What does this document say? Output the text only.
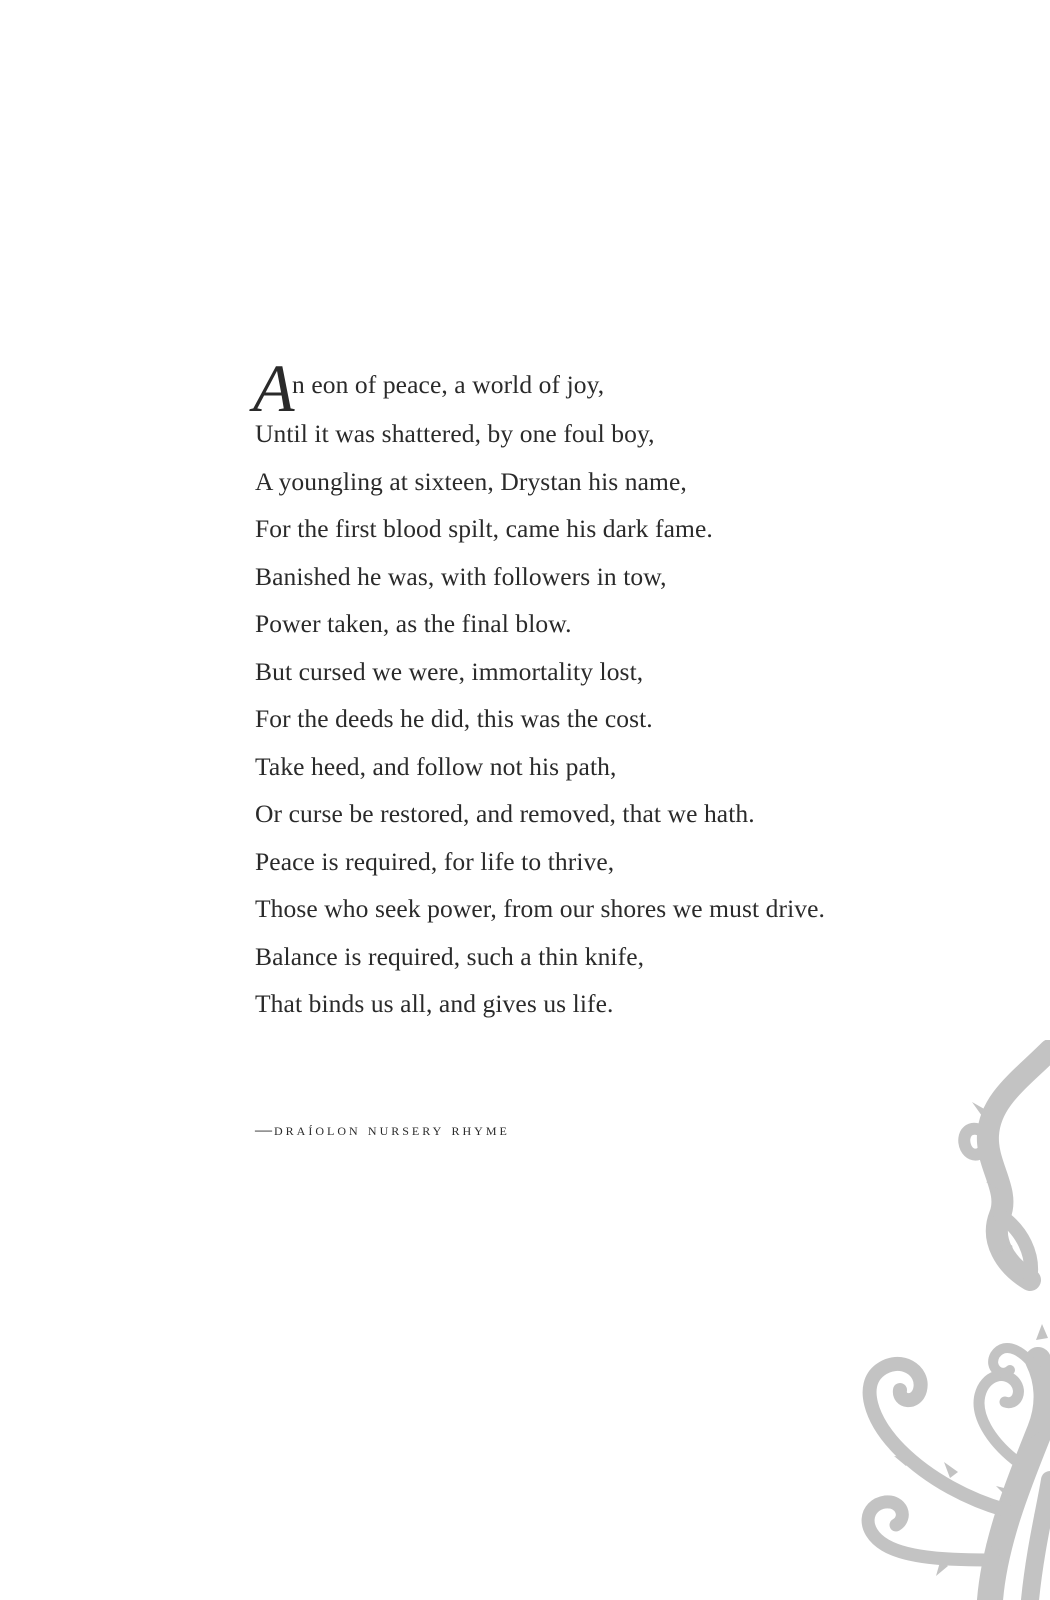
A
n eon of peace, a world of joy,
Until it was shattered, by one foul boy,
A youngling at sixteen, Drystan his name,
For the first blood spilt, came his dark fame.
Banished he was, with followers in tow,
Power taken, as the final blow.
But cursed we were, immortality lost,
For the deeds he did, this was the cost.
Take heed, and follow not his path,
Or curse be restored, and removed, that we hath.
Peace is required, for life to thrive,
Those who seek power, from our shores we must drive.
Balance is required, such a thin knife,
That binds us all, and gives us life.
— draíolon nursery rhyme
